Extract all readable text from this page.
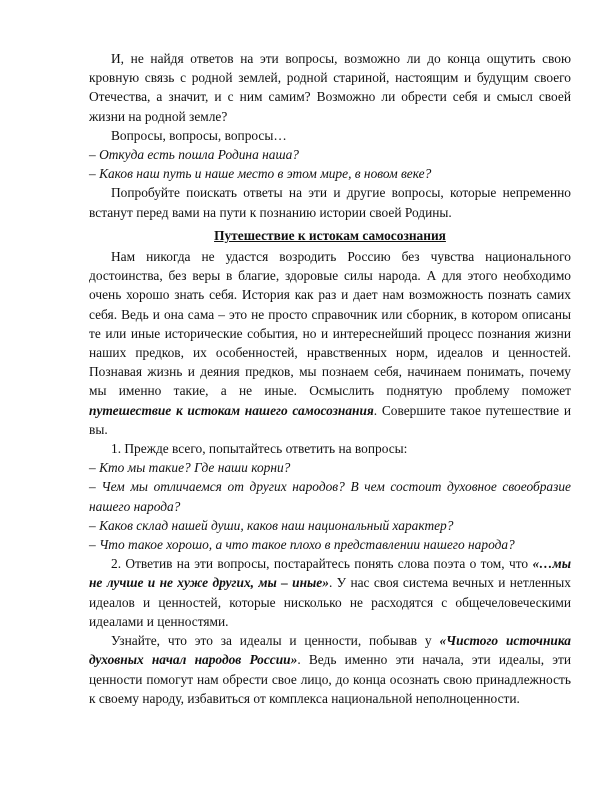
И, не найдя ответов на эти вопросы, возможно ли до конца ощутить свою кровную связь с родной землей, родной стариной, настоящим и будущим своего Отечества, а значит, и с ним самим? Возможно ли обрести себя и смысл своей жизни на родной земле?

Вопросы, вопросы, вопросы…

– Откуда есть пошла Родина наша?

– Каков наш путь и наше место в этом мире, в новом веке?

Попробуйте поискать ответы на эти и другие вопросы, которые непременно встанут перед вами на пути к познанию истории своей Родины.

Путешествие к истокам самосознания

Нам никогда не удастся возродить Россию без чувства национального достоинства, без веры в благие, здоровые силы народа. А для этого необходимо очень хорошо знать себя. История как раз и дает нам возможность познать самих себя. Ведь и она сама – это не просто справочник или сборник, в котором описаны те или иные исторические события, но и интереснейший процесс познания жизни наших предков, их особенностей, нравственных норм, идеалов и ценностей. Познавая жизнь и деяния предков, мы познаем себя, начинаем понимать, почему мы именно такие, а не иные. Осмыслить поднятую проблему поможет путешествие к истокам нашего самосознания. Совершите такое путешествие и вы.

1. Прежде всего, попытайтесь ответить на вопросы:

– Кто мы такие? Где наши корни?

– Чем мы отличаемся от других народов? В чем состоит духовное своеобразие нашего народа?

– Каков склад нашей души, каков наш национальный характер?

– Что такое хорошо, а что такое плохо в представлении нашего народа?

2. Ответив на эти вопросы, постарайтесь понять слова поэта о том, что «…мы не лучше и не хуже других, мы – иные». У нас своя система вечных и нетленных идеалов и ценностей, которые нисколько не расходятся с общечеловеческими идеалами и ценностями.

Узнайте, что это за идеалы и ценности, побывав у «Чистого источника духовных начал народов России». Ведь именно эти начала, эти идеалы, эти ценности помогут нам обрести свое лицо, до конца осознать свою принадлежность к своему народу, избавиться от комплекса национальной неполноценности.
